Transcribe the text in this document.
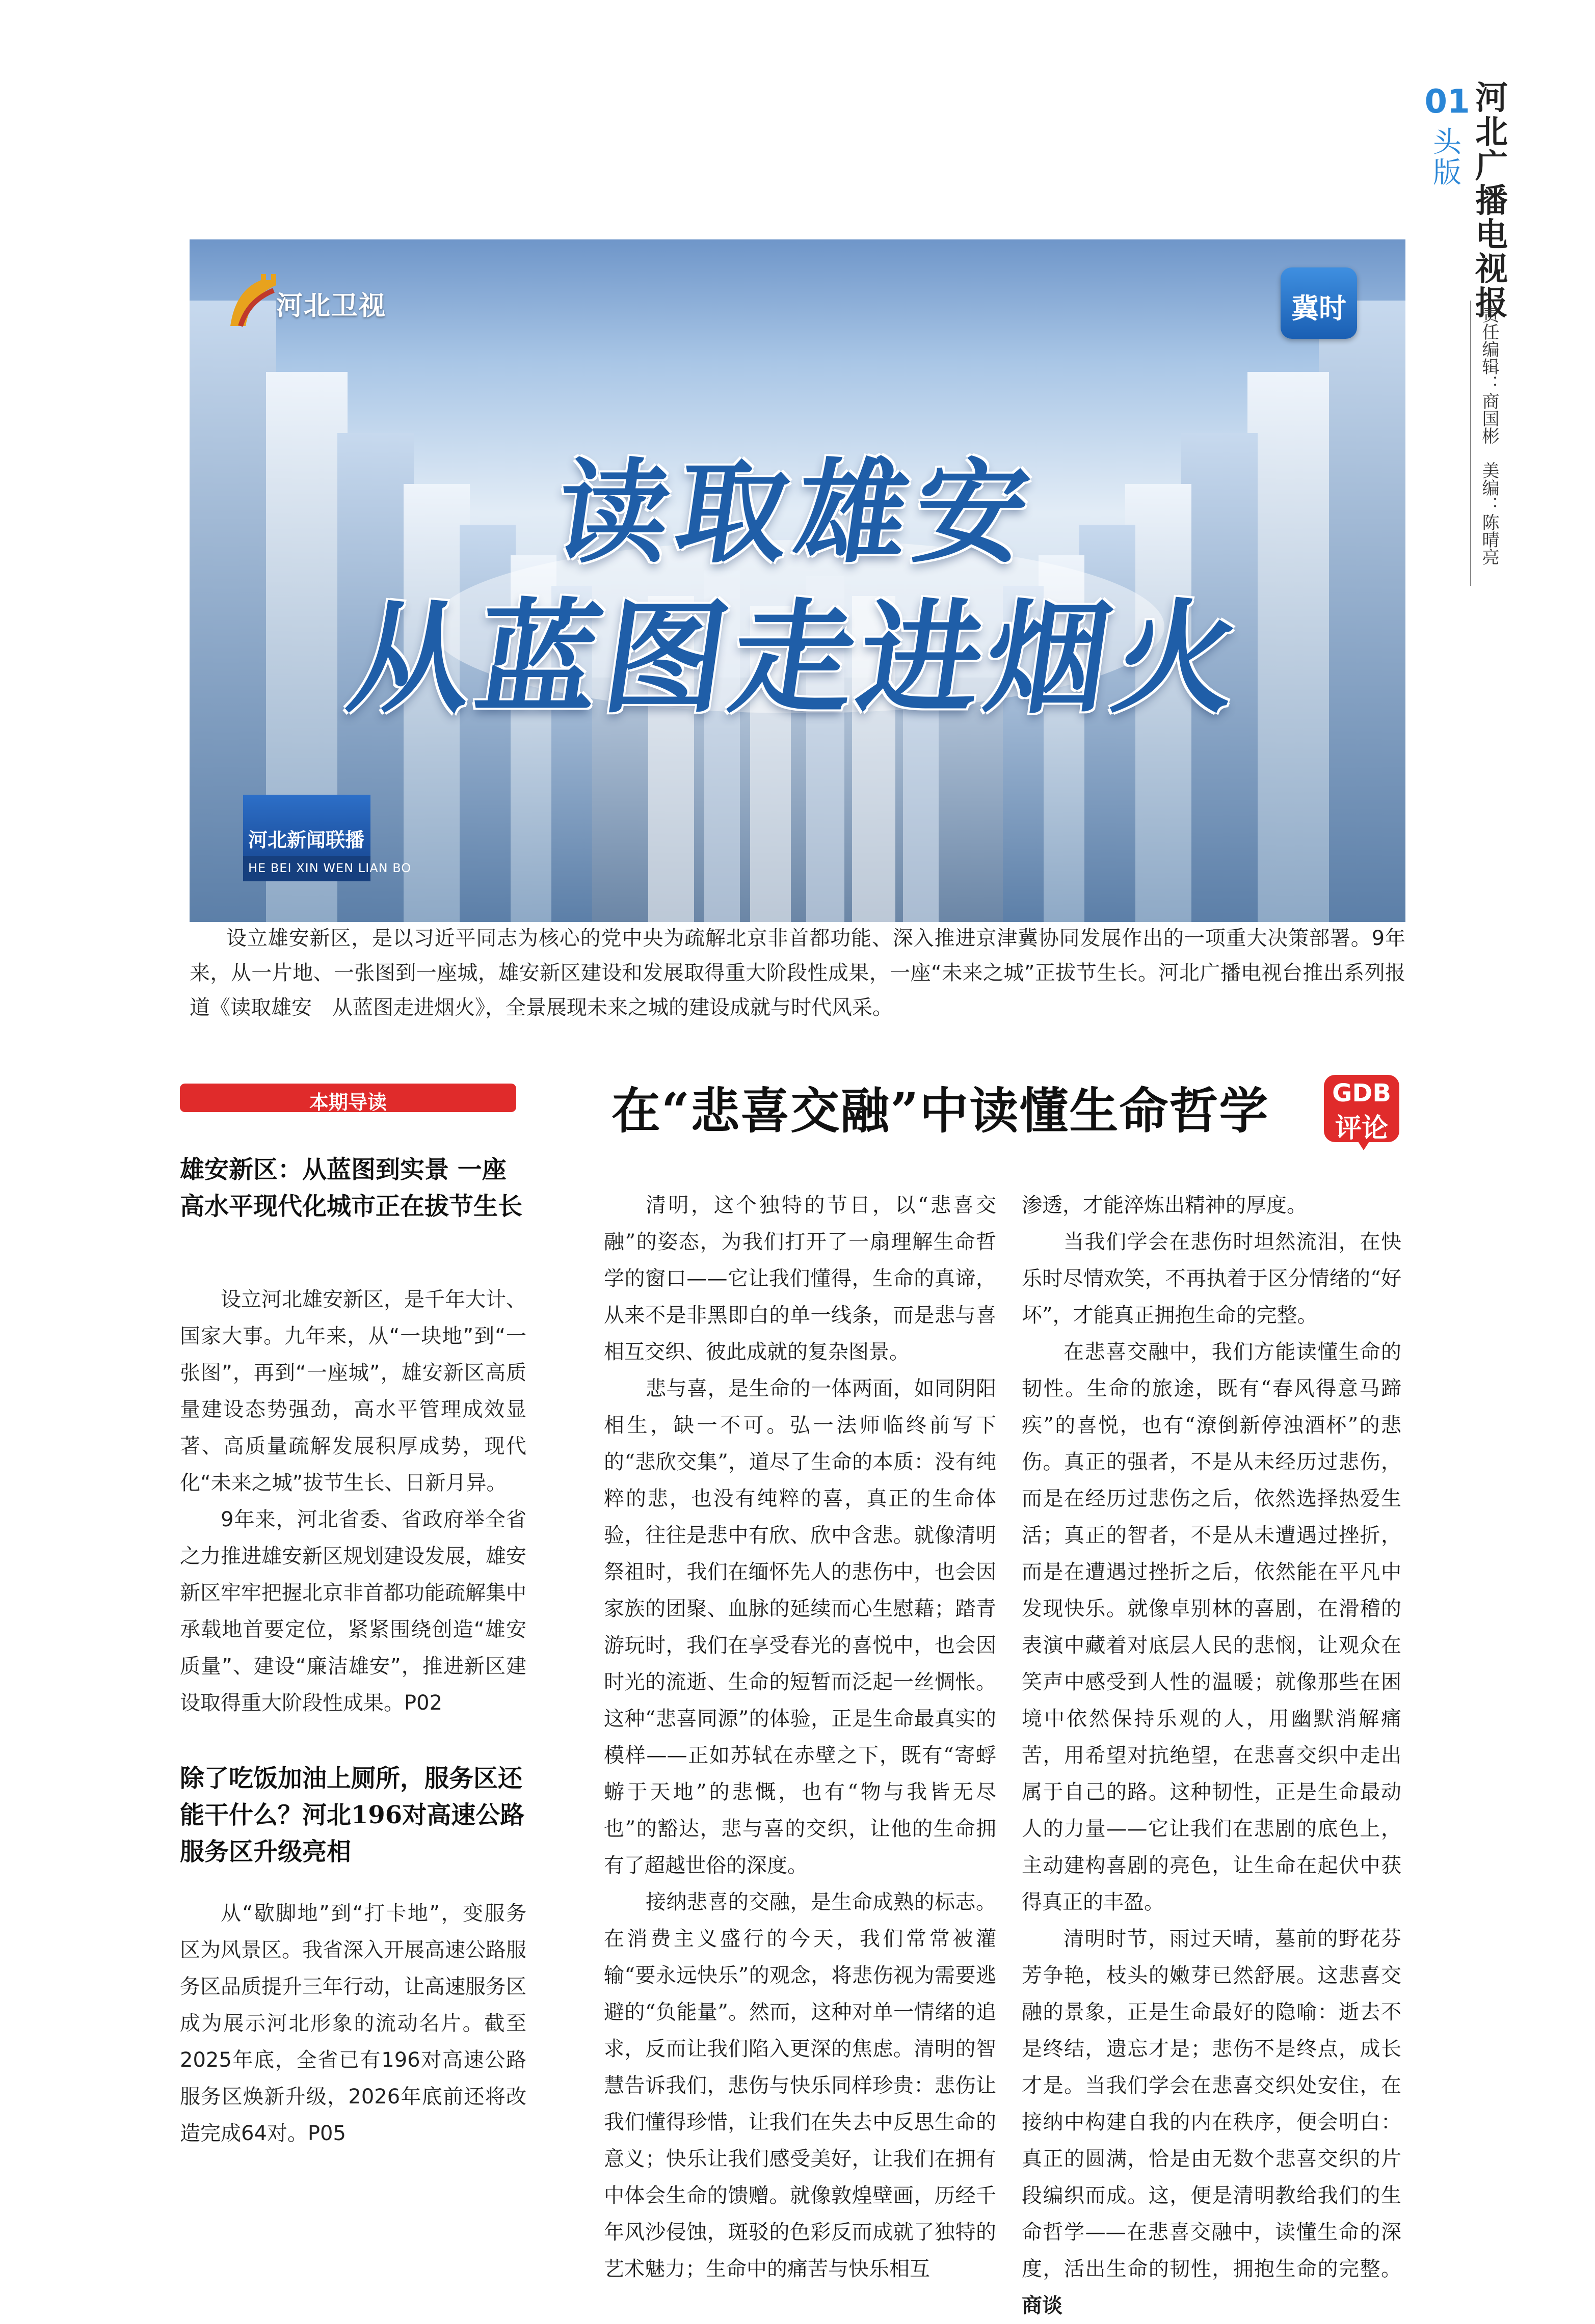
01
头版
河北广播电视报
责任编辑：商国彬　美编：陈晴亮
河北卫视	冀时
读取雄安
从蓝图走进烟火
河北新闻联播
HE BEI XIN WEN LIAN BO
设立雄安新区，是以习近平同志为核心的党中央为疏解北京非首都功能、深入推进京津冀协同发展作出的一项重大决策部署。9年来，从一片地、一张图到一座城，雄安新区建设和发展取得重大阶段性成果，一座“未来之城”正拔节生长。河北广播电视台推出系列报道《读取雄安　从蓝图走进烟火》，全景展现未来之城的建设成就与时代风采。
本期导读
雄安新区：从蓝图到实景 一座高水平现代化城市正在拔节生长

设立河北雄安新区，是千年大计、国家大事。九年来，从“一块地”到“一张图”，再到“一座城”，雄安新区高质量建设态势强劲，高水平管理成效显著、高质量疏解发展积厚成势，现代化“未来之城”拔节生长、日新月异。

9年来，河北省委、省政府举全省之力推进雄安新区规划建设发展，雄安新区牢牢把握北京非首都功能疏解集中承载地首要定位，紧紧围绕创造“雄安质量”、建设“廉洁雄安”，推进新区建设取得重大阶段性成果。P02

除了吃饭加油上厕所，服务区还能干什么？河北196对高速公路服务区升级亮相

从“歇脚地”到“打卡地”，变服务区为风景区。我省深入开展高速公路服务区品质提升三年行动，让高速服务区成为展示河北形象的流动名片。截至2025年底，全省已有196对高速公路服务区焕新升级，2026年底前还将改造完成64对。P05

在“悲喜交融”中读懂生命哲学	GDB
评论

清明，这个独特的节日，以“悲喜交融”的姿态，为我们打开了一扇理解生命哲学的窗口——它让我们懂得，生命的真谛，从来不是非黑即白的单一线条，而是悲与喜相互交织、彼此成就的复杂图景。

悲与喜，是生命的一体两面，如同阴阳相生，缺一不可。弘一法师临终前写下的“悲欣交集”，道尽了生命的本质：没有纯粹的悲，也没有纯粹的喜，真正的生命体验，往往是悲中有欣、欣中含悲。就像清明祭祖时，我们在缅怀先人的悲伤中，也会因家族的团聚、血脉的延续而心生慰藉；踏青游玩时，我们在享受春光的喜悦中，也会因时光的流逝、生命的短暂而泛起一丝惆怅。这种“悲喜同源”的体验，正是生命最真实的模样——正如苏轼在赤壁之下，既有“寄蜉蝣于天地”的悲慨，也有“物与我皆无尽也”的豁达，悲与喜的交织，让他的生命拥有了超越世俗的深度。

接纳悲喜的交融，是生命成熟的标志。在消费主义盛行的今天，我们常常被灌输“要永远快乐”的观念，将悲伤视为需要逃避的“负能量”。然而，这种对单一情绪的追求，反而让我们陷入更深的焦虑。清明的智慧告诉我们，悲伤与快乐同样珍贵：悲伤让我们懂得珍惜，让我们在失去中反思生命的意义；快乐让我们感受美好，让我们在拥有中体会生命的馈赠。就像敦煌壁画，历经千年风沙侵蚀，斑驳的色彩反而成就了独特的艺术魅力；生命中的痛苦与快乐相互

渗透，才能淬炼出精神的厚度。

当我们学会在悲伤时坦然流泪，在快乐时尽情欢笑，不再执着于区分情绪的“好坏”，才能真正拥抱生命的完整。

在悲喜交融中，我们方能读懂生命的韧性。生命的旅途，既有“春风得意马蹄疾”的喜悦，也有“潦倒新停浊酒杯”的悲伤。真正的强者，不是从未经历过悲伤，而是在经历过悲伤之后，依然选择热爱生活；真正的智者，不是从未遭遇过挫折，而是在遭遇过挫折之后，依然能在平凡中发现快乐。就像卓别林的喜剧，在滑稽的表演中藏着对底层人民的悲悯，让观众在笑声中感受到人性的温暖；就像那些在困境中依然保持乐观的人，用幽默消解痛苦，用希望对抗绝望，在悲喜交织中走出属于自己的路。这种韧性，正是生命最动人的力量——它让我们在悲剧的底色上，主动建构喜剧的亮色，让生命在起伏中获得真正的丰盈。

清明时节，雨过天晴，墓前的野花芬芳争艳，枝头的嫩芽已然舒展。这悲喜交融的景象，正是生命最好的隐喻：逝去不是终结，遗忘才是；悲伤不是终点，成长才是。当我们学会在悲喜交织处安住，在接纳中构建自我的内在秩序，便会明白：真正的圆满，恰是由无数个悲喜交织的片段编织而成。这，便是清明教给我们的生命哲学——在悲喜交融中，读懂生命的深度，活出生命的韧性，拥抱生命的完整。商谈
